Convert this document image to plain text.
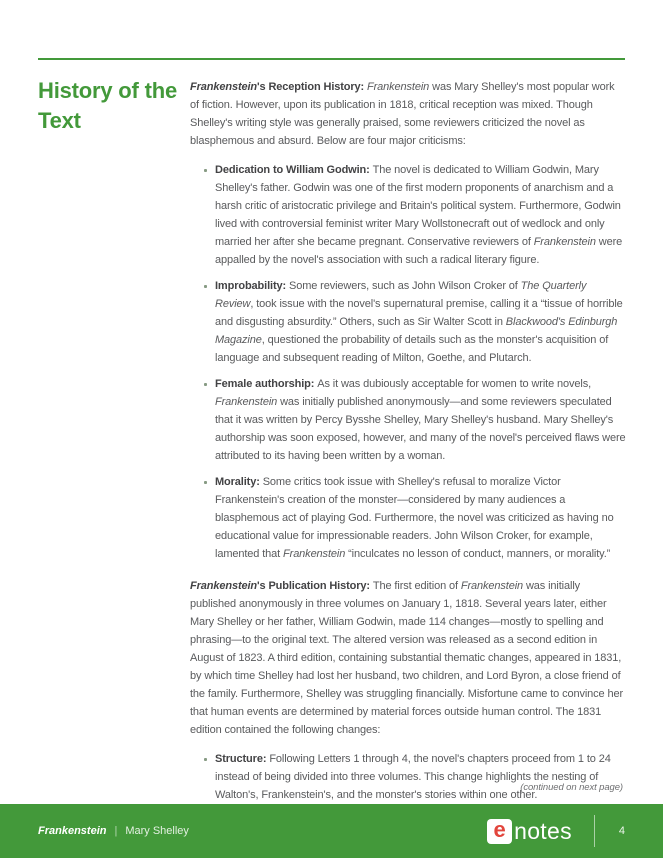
History of the Text
Frankenstein's Reception History: Frankenstein was Mary Shelley's most popular work of fiction. However, upon its publication in 1818, critical reception was mixed. Though Shelley's writing style was generally praised, some reviewers criticized the novel as blasphemous and absurd. Below are four major criticisms:
Dedication to William Godwin: The novel is dedicated to William Godwin, Mary Shelley's father. Godwin was one of the first modern proponents of anarchism and a harsh critic of aristocratic privilege and Britain's political system. Furthermore, Godwin lived with controversial feminist writer Mary Wollstonecraft out of wedlock and only married her after she became pregnant. Conservative reviewers of Frankenstein were appalled by the novel's association with such a radical literary figure.
Improbability: Some reviewers, such as John Wilson Croker of The Quarterly Review, took issue with the novel's supernatural premise, calling it a “tissue of horrible and disgusting absurdity.” Others, such as Sir Walter Scott in Blackwood's Edinburgh Magazine, questioned the probability of details such as the monster's acquisition of language and subsequent reading of Milton, Goethe, and Plutarch.
Female authorship: As it was dubiously acceptable for women to write novels, Frankenstein was initially published anonymously—and some reviewers speculated that it was written by Percy Bysshe Shelley, Mary Shelley's husband. Mary Shelley's authorship was soon exposed, however, and many of the novel's perceived flaws were attributed to its having been written by a woman.
Morality: Some critics took issue with Shelley's refusal to moralize Victor Frankenstein's creation of the monster—considered by many audiences a blasphemous act of playing God. Furthermore, the novel was criticized as having no educational value for impressionable readers. John Wilson Croker, for example, lamented that Frankenstein “inculcates no lesson of conduct, manners, or morality.”
Frankenstein's Publication History: The first edition of Frankenstein was initially published anonymously in three volumes on January 1, 1818. Several years later, either Mary Shelley or her father, William Godwin, made 114 changes—mostly to spelling and phrasing—to the original text. The altered version was released as a second edition in August of 1823. A third edition, containing substantial thematic changes, appeared in 1831, by which time Shelley had lost her husband, two children, and Lord Byron, a close friend of the family. Furthermore, Shelley was struggling financially. Misfortune came to convince her that human events are determined by material forces outside human control. The 1831 edition contained the following changes:
Structure: Following Letters 1 through 4, the novel's chapters proceed from 1 to 24 instead of being divided into three volumes. This change highlights the nesting of Walton's, Frankenstein's, and the monster's stories within one other.
(continued on next page)
Frankenstein | Mary Shelley	e notes	4
